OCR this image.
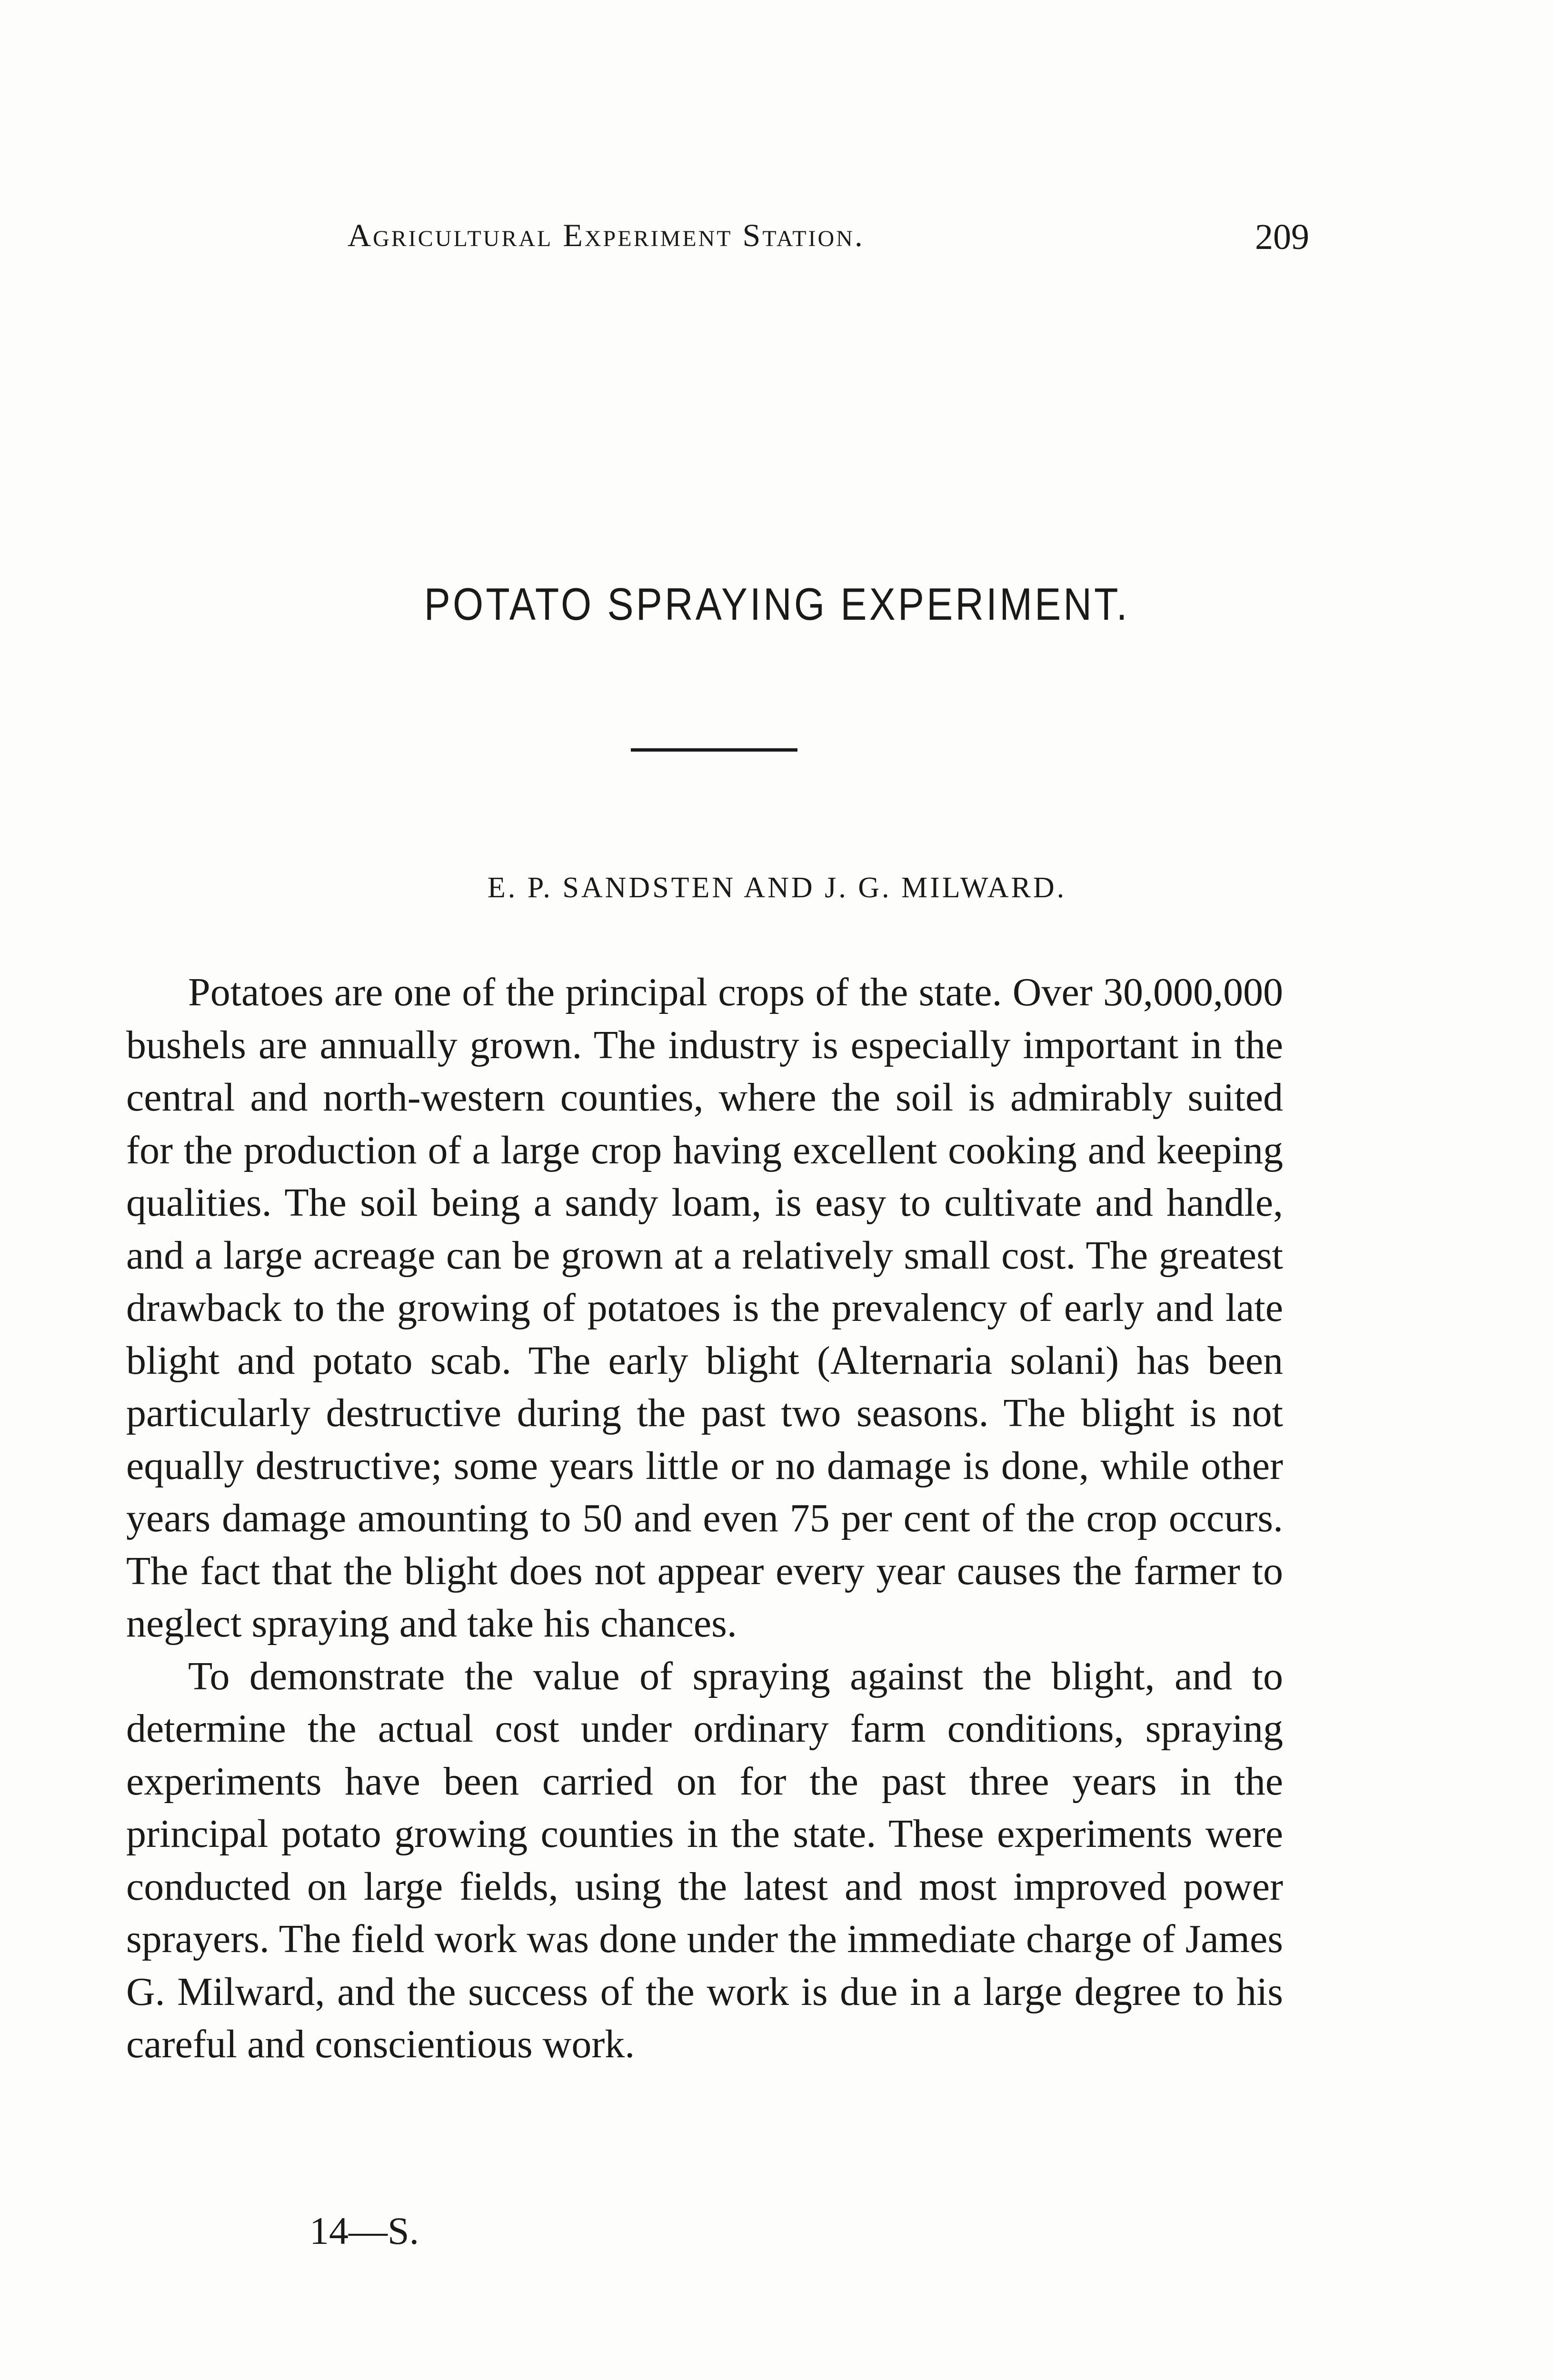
Agricultural Experiment Station.	209
POTATO SPRAYING EXPERIMENT.
E. P. SANDSTEN AND J. G. MILWARD.

Potatoes are one of the principal crops of the state. Over 30,000,000 bushels are annually grown. The industry is especially important in the central and north-western counties, where the soil is admirably suited for the production of a large crop having excellent cooking and keeping qualities. The soil being a sandy loam, is easy to cultivate and handle, and a large acreage can be grown at a relatively small cost. The greatest drawback to the growing of potatoes is the prevalency of early and late blight and potato scab. The early blight (Alternaria solani) has been particularly destructive during the past two seasons. The blight is not equally destructive; some years little or no damage is done, while other years damage amounting to 50 and even 75 per cent of the crop occurs. The fact that the blight does not appear every year causes the farmer to neglect spraying and take his chances.

To demonstrate the value of spraying against the blight, and to determine the actual cost under ordinary farm conditions, spraying experiments have been carried on for the past three years in the principal potato growing counties in the state. These experiments were conducted on large fields, using the latest and most improved power sprayers. The field work was done under the immediate charge of James G. Milward, and the success of the work is due in a large degree to his careful and conscientious work.

14—S.
